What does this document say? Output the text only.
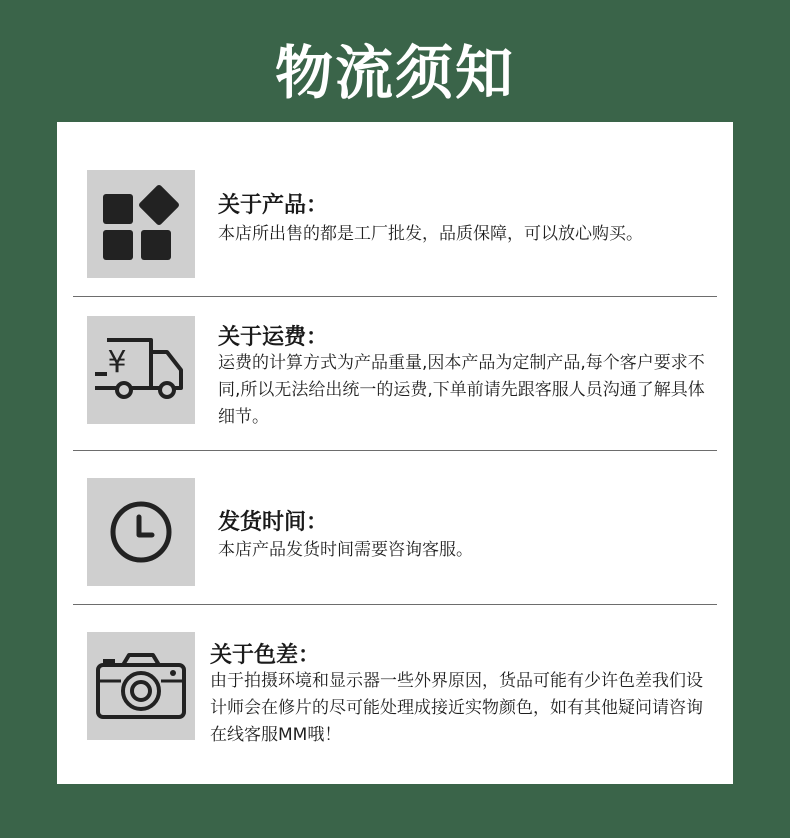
物流须知
关于产品：
本店所出售的都是工厂批发，品质保障，可以放心购买。
¥
关于运费：
运费的计算方式为产品重量,因本产品为定制产品,每个客户要求不同,所以无法给出统一的运费,下单前请先跟客服人员沟通了解具体细节。
发货时间：
本店产品发货时间需要咨询客服。
关于色差：
由于拍摄环境和显示器一些外界原因，货品可能有少许色差我们设计师会在修片的尽可能处理成接近实物颜色，如有其他疑问请咨询在线客服MM哦！
